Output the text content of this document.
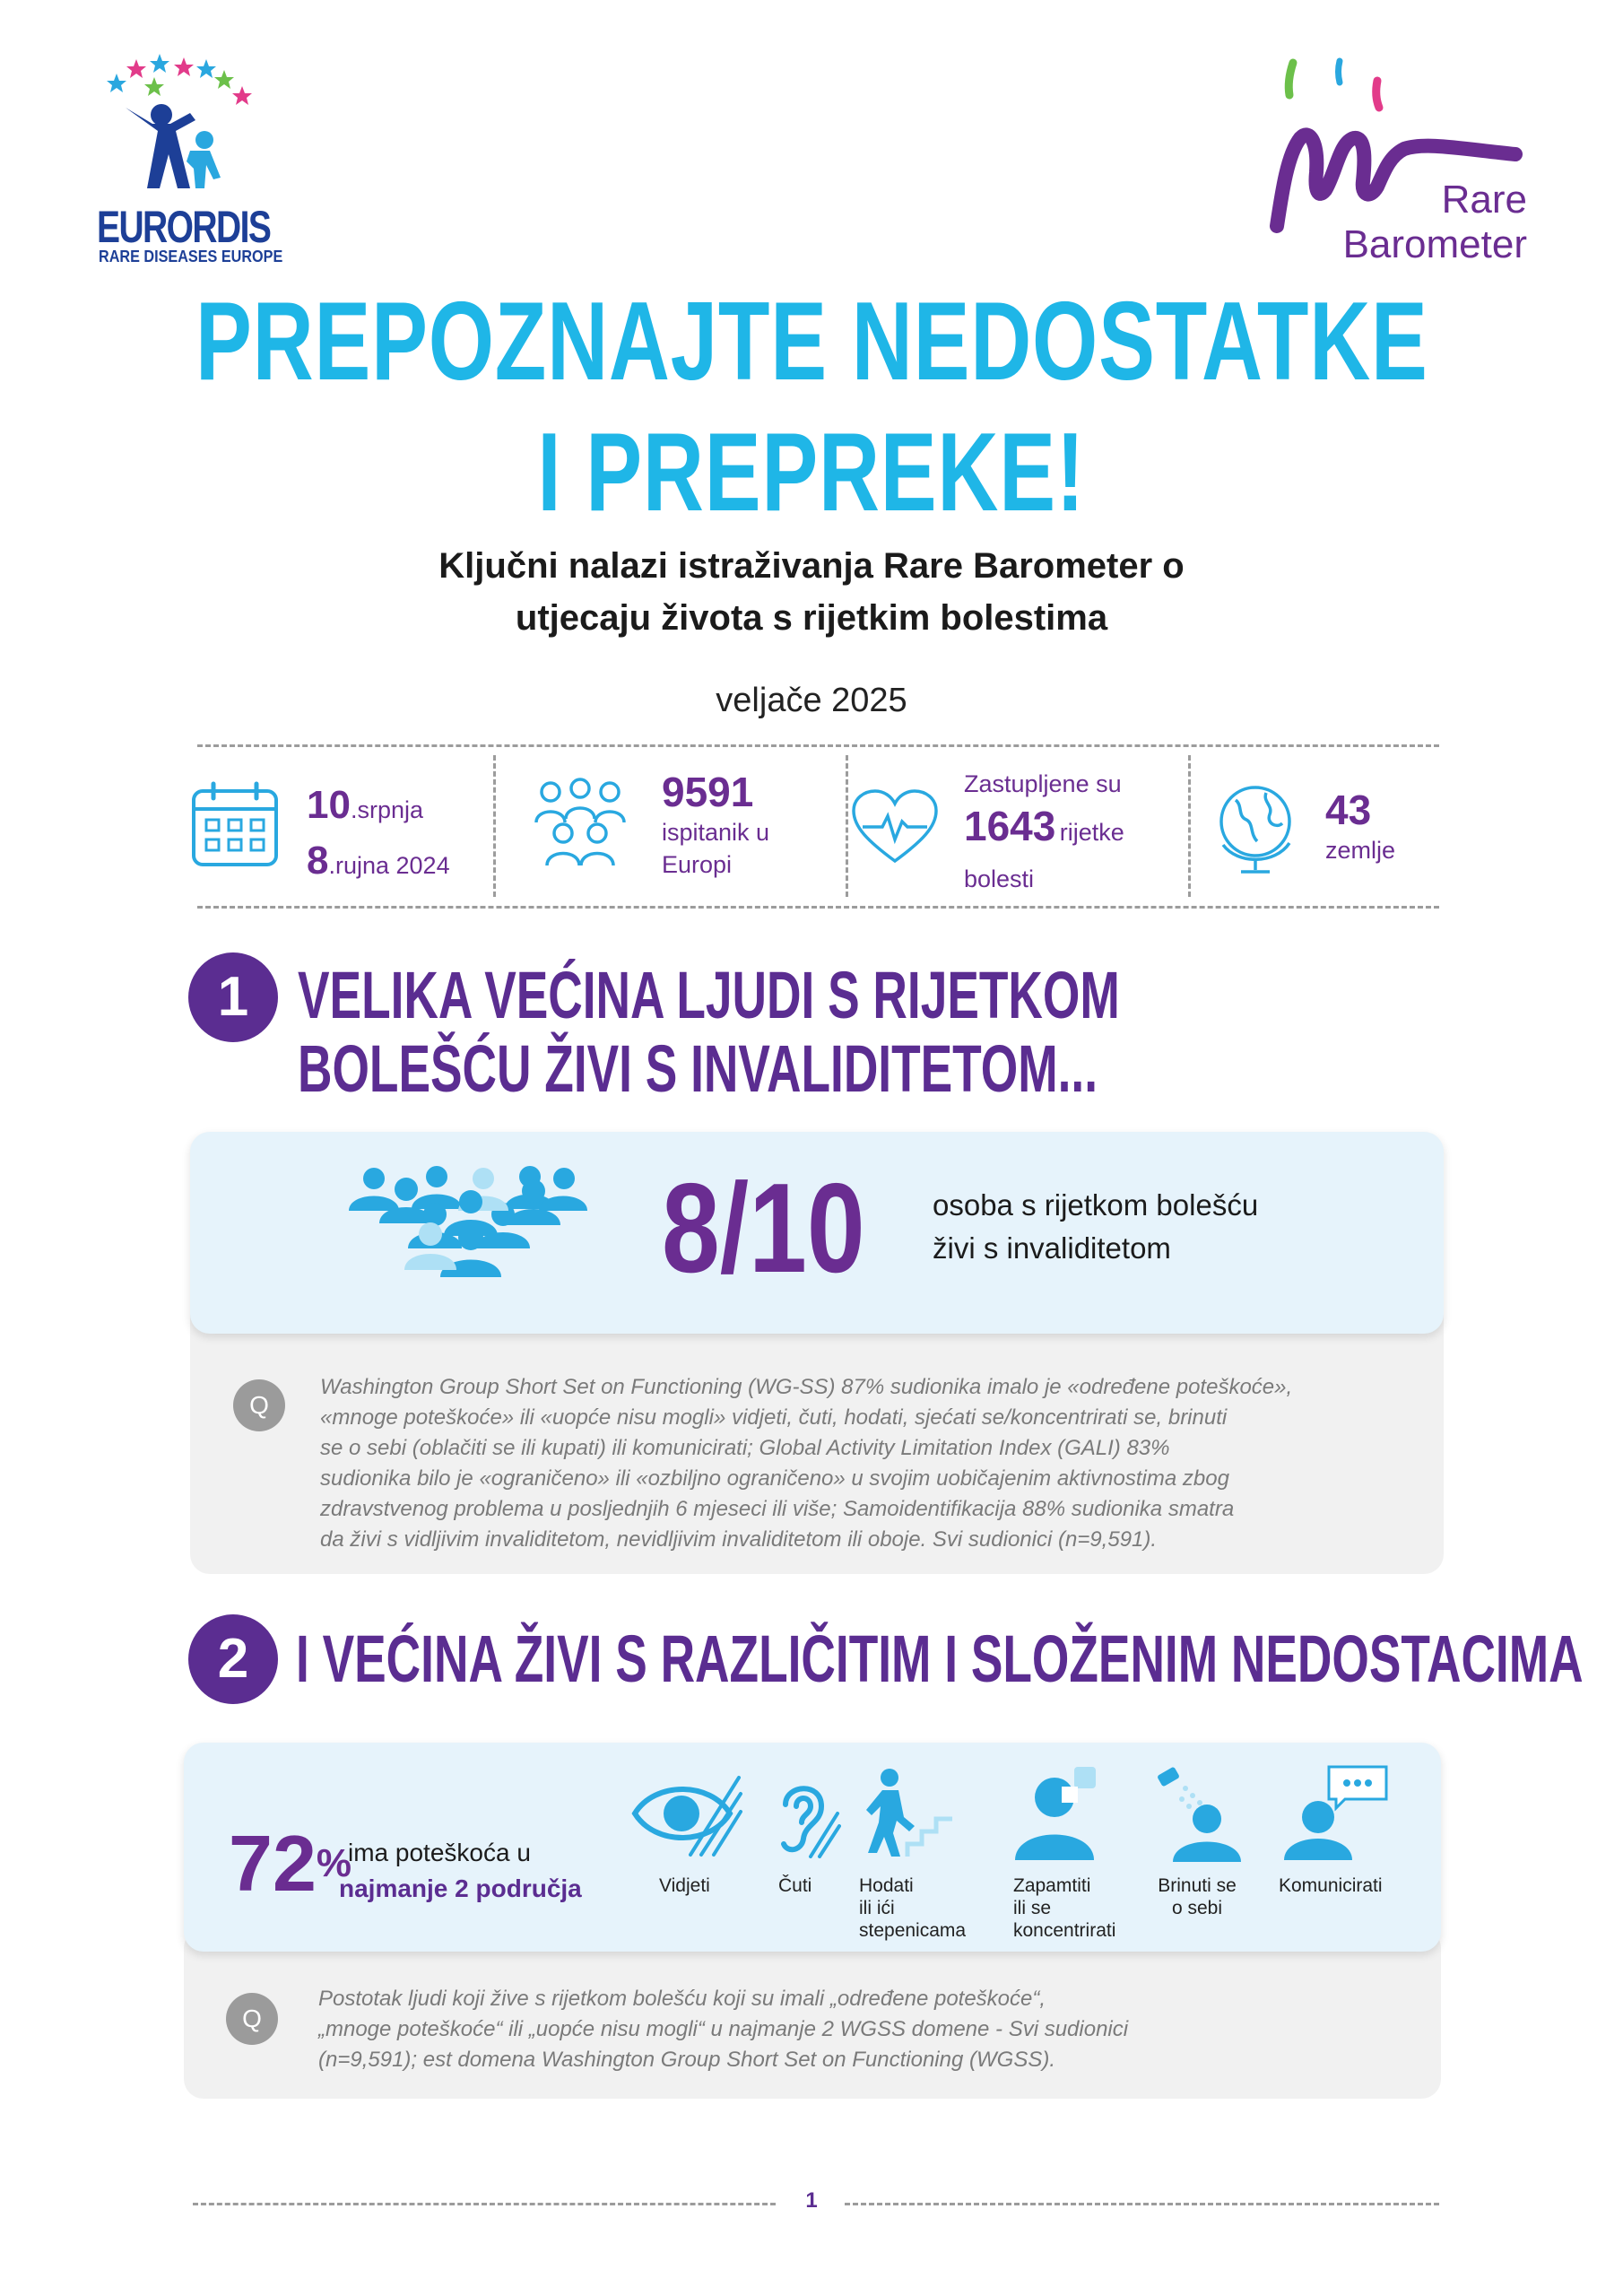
EURORDIS
RARE DISEASES EUROPE
Rare
Barometer
PREPOZNAJTE NEDOSTATKE
I PREPREKE!
Ključni nalazi istraživanja Rare Barometer o
utjecaju života s rijetkim bolestima
veljače 2025
10.srpnja
8.rujna 2024
9591
ispitanik u
Europi
Zastupljene su
1643 rijetke
bolesti
43
zemlje
1 VELIKA VEĆINA LJUDI S RIJETKOM
BOLEŠĆU ŽIVI S INVALIDITETOM...
8/10 osoba s rijetkom bolešću
živi s invaliditetom
Q
Washington Group Short Set on Functioning (WG-SS) 87% sudionika imalo je «određene poteškoće»,
«mnoge poteškoće» ili «uopće nisu mogli» vidjeti, čuti, hodati, sjećati se/koncentrirati se, brinuti
se o sebi (oblačiti se ili kupati) ili komunicirati; Global Activity Limitation Index (GALI) 83%
sudionika bilo je «ograničeno» ili «ozbiljno ograničeno» u svojim uobičajenim aktivnostima zbog
zdravstvenog problema u posljednjih 6 mjeseci ili više; Samoidentifikacija 88% sudionika smatra
da živi s vidljivim invaliditetom, nevidljivim invaliditetom ili oboje. Svi sudionici (n=9,591).
2 I VEĆINA ŽIVI S RAZLIČITIM I SLOŽENIM NEDOSTACIMA
72%
ima poteškoća u
najmanje 2 područja	Vidjeti	Čuti	Hodati
ili ići
stepenicama
Zapamtiti
ili se
koncentrirati
Brinuti se
o sebi
Komunicirati
Q
Postotak ljudi koji žive s rijetkom bolešću koji su imali „određene poteškoće“,
„mnoge poteškoće“ ili „uopće nisu mogli“ u najmanje 2 WGSS domene - Svi sudionici
(n=9,591); est domena Washington Group Short Set on Functioning (WGSS).
1
